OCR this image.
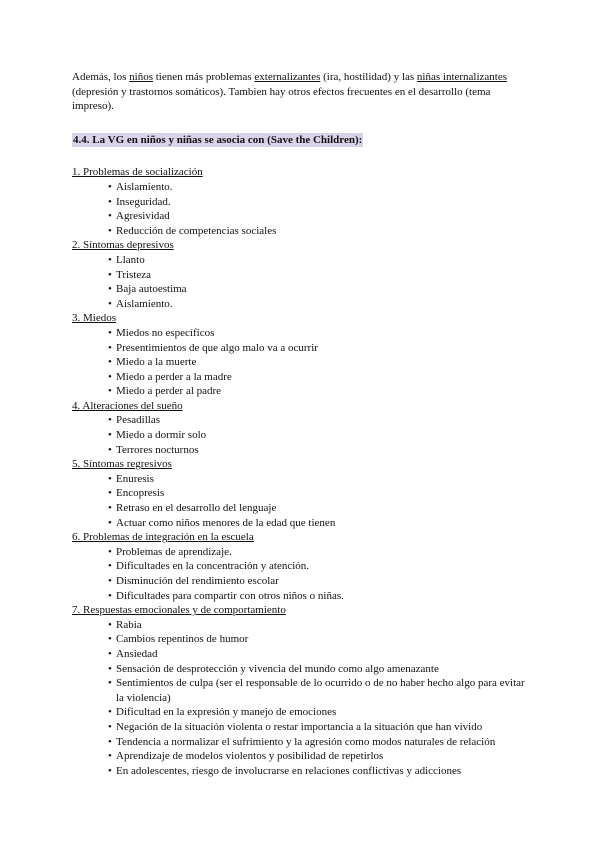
Además, los niños tienen más problemas externalizantes (ira, hostilidad) y las niñas internalizantes (depresión y trastornos somáticos). Tambien hay otros efectos frecuentes en el desarrollo (tema impreso).

4.4. La VG en niños y niñas se asocia con (Save the Children):

1. Problemas de socialización

• Aislamiento.
• Inseguridad.
• Agresividad
• Reducción de competencias sociales

2. Síntomas depresivos

• Llanto
• Tristeza
• Baja autoestima
• Aislamiento.

3. Miedos

• Miedos no específicos
• Presentimientos de que algo malo va a ocurrir
• Miedo a la muerte
• Miedo a perder a la madre
• Miedo a perder al padre

4. Alteraciones del sueño

• Pesadillas
• Miedo a dormir solo
• Terrores nocturnos

5. Síntomas regresivos

• Enuresis
• Encopresis
• Retraso en el desarrollo del lenguaje
• Actuar como niños menores de la edad que tienen

6. Problemas de integración en la escuela

• Problemas de aprendizaje.
• Dificultades en la concentración y atención.
• Disminución del rendimiento escolar
• Dificultades para compartir con otros niños o niñas.

7. Respuestas emocionales y de comportamiento

• Rabia
• Cambios repentinos de humor
• Ansiedad
• Sensación de desprotección y vivencia del mundo como algo amenazante
• Sentimientos de culpa (ser el responsable de lo ocurrido o de no haber hecho algo para evitar la violencia)
• Dificultad en la expresión y manejo de emociones
• Negación de la situación violenta o restar importancia a la situación que han vivido
• Tendencia a normalizar el sufrimiento y la agresión como modos naturales de relación
• Aprendizaje de modelos violentos y posibilidad de repetirlos
• En adolescentes, riesgo de involucrarse en relaciones conflictivas y adicciones
